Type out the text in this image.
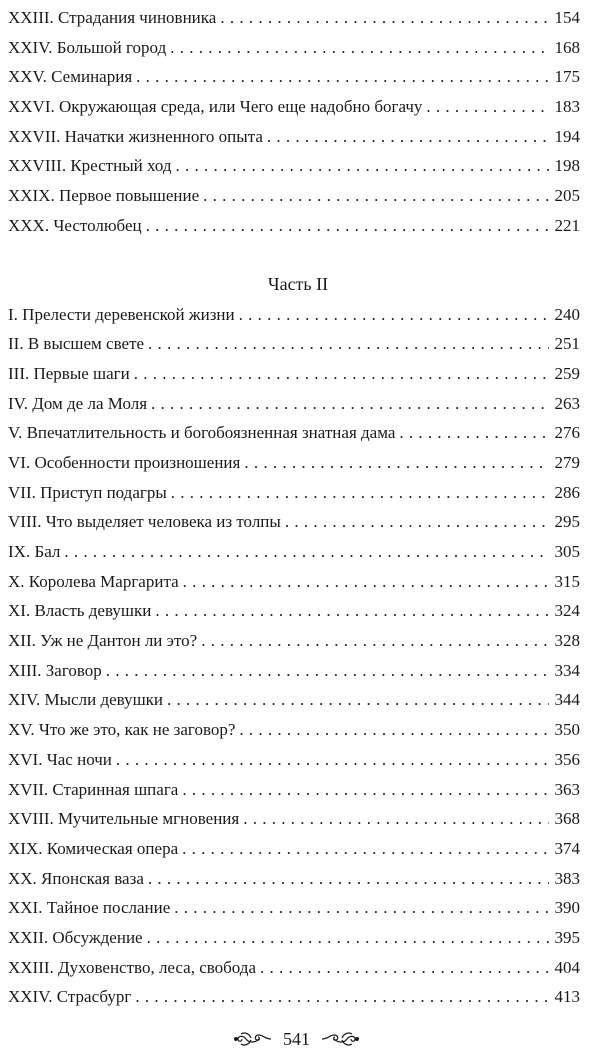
XXIII. Страдания чиновника . . .	154
XXIV. Большой город . . .	168
XXV. Семинария . . .	175
XXVI. Окружающая среда, или Чего еще надобно богачу . . .	183
XXVII. Начатки жизненного опыта . . .	194
XXVIII. Крестный ход . . .	198
XXIX. Первое повышение . . .	205
XXX. Честолюбец . . .	221
Часть II
I. Прелести деревенской жизни . . .	240
II. В высшем свете . . .	251
III. Первые шаги . . .	259
IV. Дом де ла Моля . . .	263
V. Впечатлительность и богобоязненная знатная дама . . .	276
VI. Особенности произношения . . .	279
VII. Приступ подагры . . .	286
VIII. Что выделяет человека из толпы . . .	295
IX. Бал . . .	305
X. Королева Маргарита . . .	315
XI. Власть девушки . . .	324
XII. Уж не Дантон ли это? . . .	328
XIII. Заговор . . .	334
XIV. Мысли девушки . . .	344
XV. Что же это, как не заговор? . . .	350
XVI. Час ночи . . .	356
XVII. Старинная шпага . . .	363
XVIII. Мучительные мгновения . . .	368
XIX. Комическая опера . . .	374
XX. Японская ваза . . .	383
XXI. Тайное послание . . .	390
XXII. Обсуждение . . .	395
XXIII. Духовенство, леса, свобода . . .	404
XXIV. Страсбург . . .	413
541
